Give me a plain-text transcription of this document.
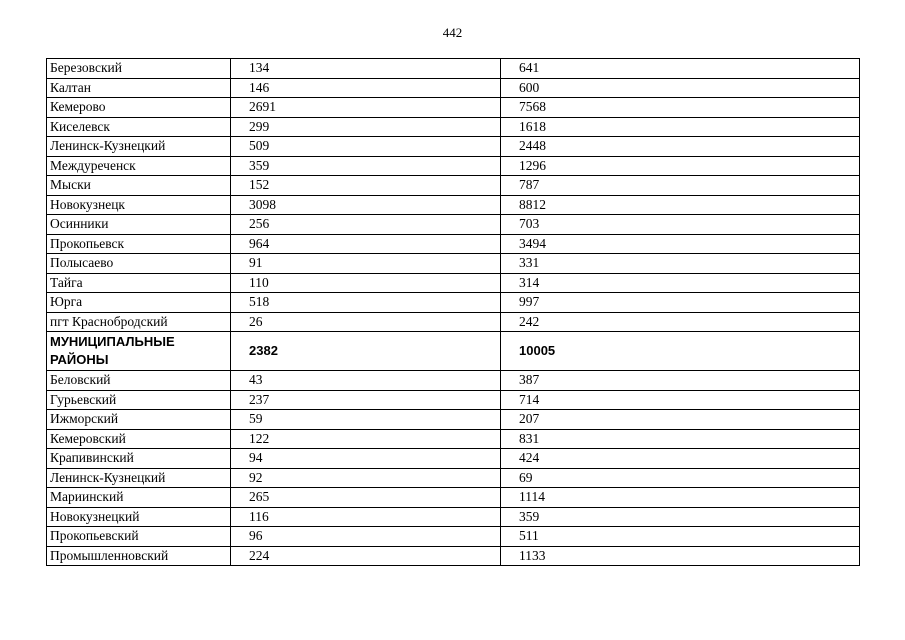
442
Березовский	134	641
Калтан	146	600
Кемерово	2691	7568
Киселевск	299	1618
Ленинск-Кузнецкий	509	2448
Междуреченск	359	1296
Мыски	152	787
Новокузнецк	3098	8812
Осинники	256	703
Прокопьевск	964	3494
Полысаево	91	331
Тайга	110	314
Юрга	518	997
пгт Краснобродский	26	242
МУНИЦИПАЛЬНЫЕ РАЙОНЫ	2382	10005
Беловский	43	387
Гурьевский	237	714
Ижморский	59	207
Кемеровский	122	831
Крапивинский	94	424
Ленинск-Кузнецкий	92	69
Мариинский	265	1114
Новокузнецкий	116	359
Прокопьевский	96	511
Промышленновский	224	1133
